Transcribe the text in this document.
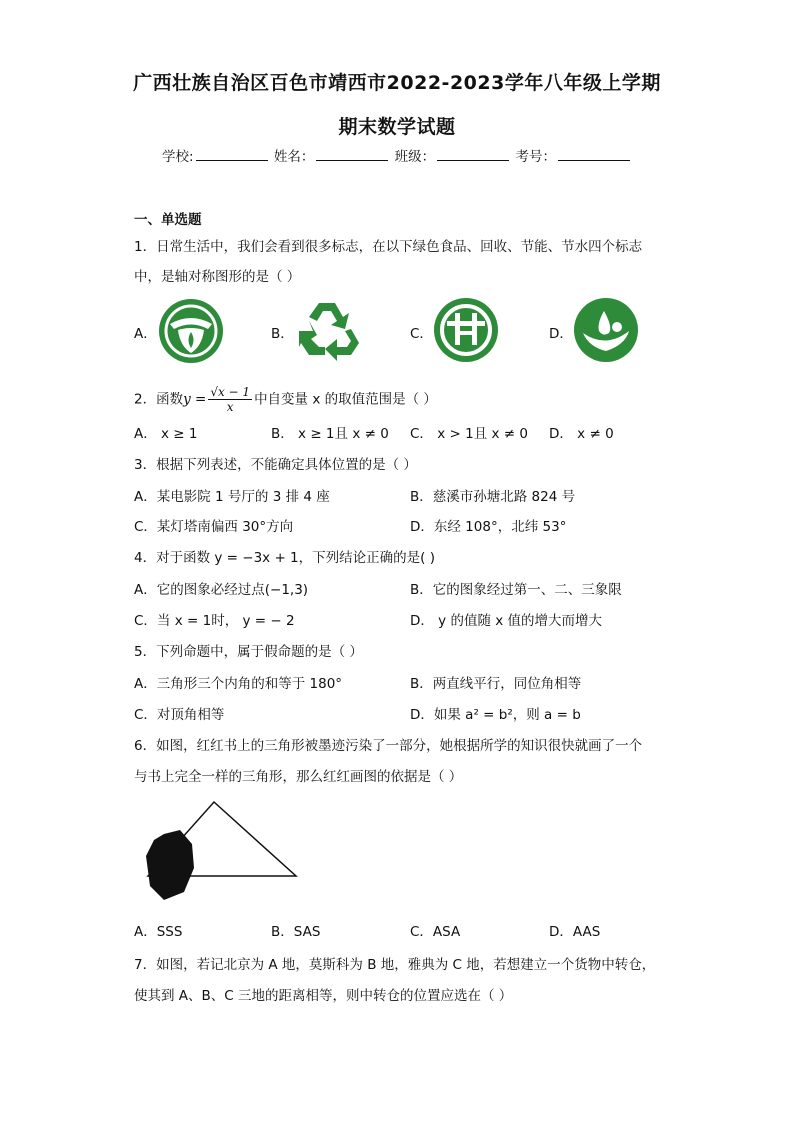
广西壮族自治区百色市靖西市2022-2023学年八年级上学期
期末数学试题
学校:	姓名：	班级：	考号：
一、单选题
1．日常生活中，我们会看到很多标志，在以下绿色食品、回收、节能、节水四个标志
中，是轴对称图形的是（ ）
A．	B．	C．	D．
2．函数$y = \frac{√x - 1}{x}$ 中自变量 x 的取值范围是（ ）
A． x ≥ 1	B． x ≥ 1且 x ≠ 0 C． x > 1且 x ≠ 0 D． x ≠ 0
3．根据下列表述，不能确定具体位置的是（ ）
A．某电影院 1 号厅的 3 排 4 座	B．慈溪市孙塘北路 824 号
C．某灯塔南偏西 30°方向	D．东经 108°，北纬 53°
4．对于函数 y = −3x + 1，下列结论正确的是( )
A．它的图象必经过点(−1,3)	B．它的图象经过第一、二、三象限
C．当 x = 1时， y = − 2	D． y 的值随 x 值的增大而增大
5．下列命题中，属于假命题的是（ ）
A．三角形三个内角的和等于 180°	B．两直线平行，同位角相等
C．对顶角相等	D．如果 a² = b²，则 a = b
6．如图，红红书上的三角形被墨迹污染了一部分，她根据所学的知识很快就画了一个
与书上完全一样的三角形，那么红红画图的依据是（ ）
A．SSS	B．SAS	C．ASA	D．AAS
7．如图，若记北京为 A 地，莫斯科为 B 地，雅典为 C 地，若想建立一个货物中转仓，
使其到 A、B、C 三地的距离相等，则中转仓的位置应选在（ ）
